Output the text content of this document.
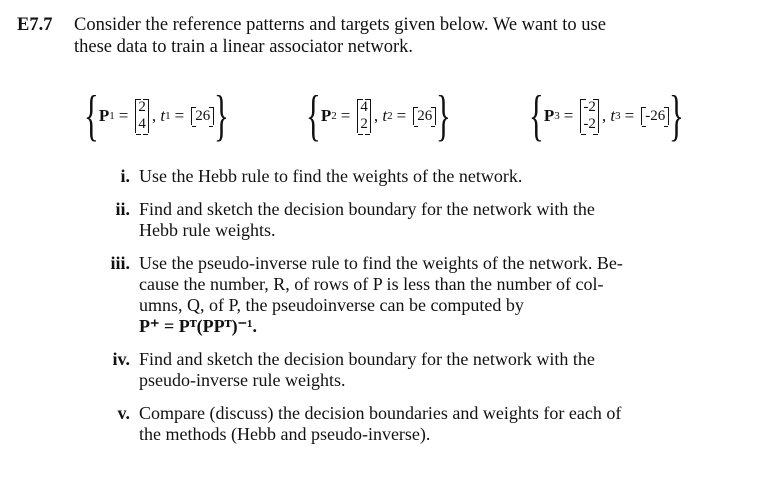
E7.7 Consider the reference patterns and targets given below. We want to use
these data to train a linear associator network.
{ P 1 = 2
4 , t 1 = 26 } { P 2 = 4
2 , t 2 = 26 } { P 3 = -2
-2 , t 3 = -26 }
i. Use the Hebb rule to find the weights of the network.
ii. Find and sketch the decision boundary for the network with the
Hebb rule weights.
iii. Use the pseudo-inverse rule to find the weights of the network. Be-
cause the number, R, of rows of P is less than the number of col-
umns, Q, of P, the pseudoinverse can be computed by
P⁺ = Pᵀ(PPᵀ)⁻¹.
iv. Find and sketch the decision boundary for the network with the
pseudo-inverse rule weights.
v. Compare (discuss) the decision boundaries and weights for each of
the methods (Hebb and pseudo-inverse).
